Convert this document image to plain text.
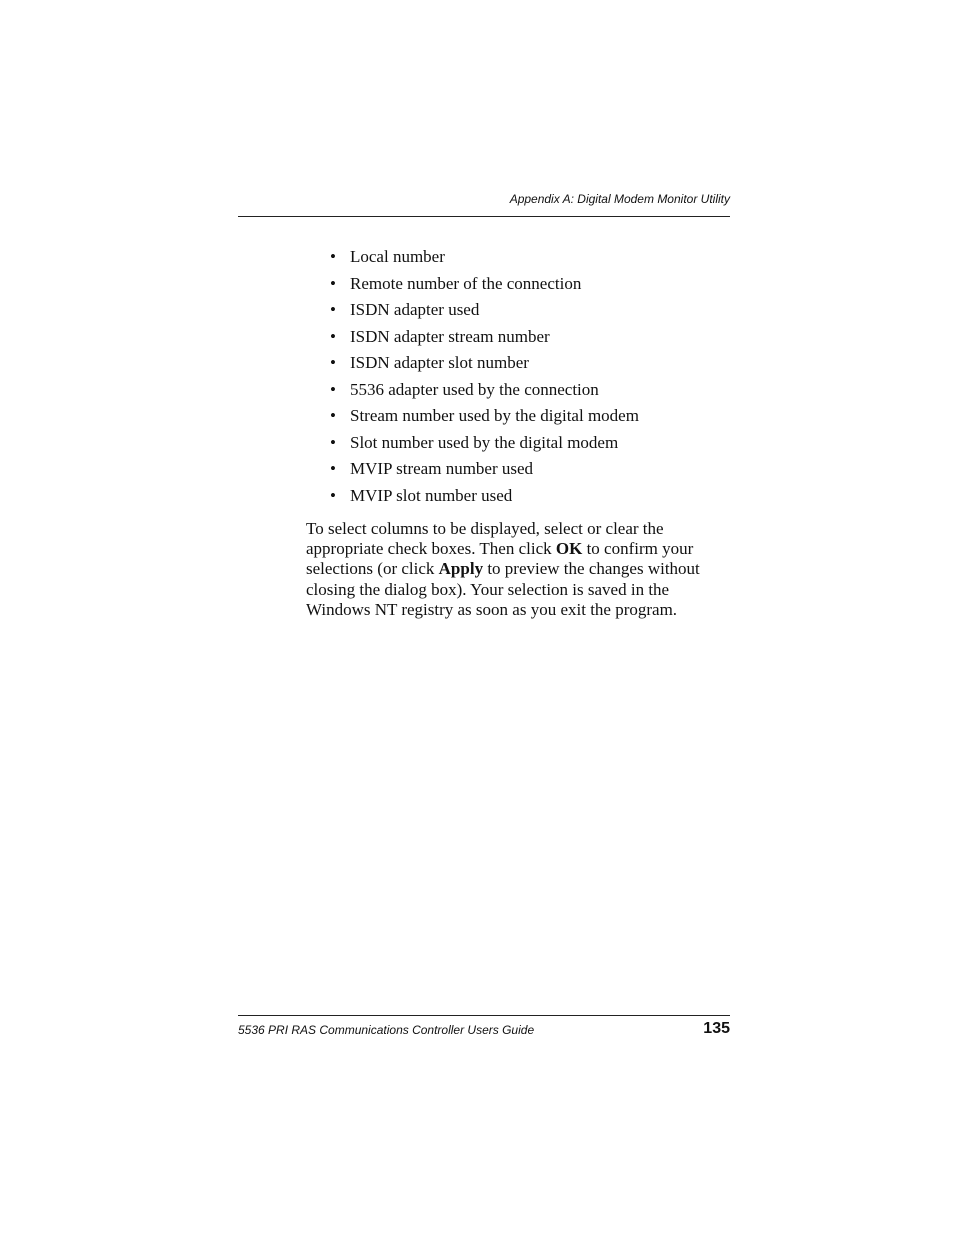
Appendix A: Digital Modem Monitor Utility
• Local number
• Remote number of the connection
• ISDN adapter used
• ISDN adapter stream number
• ISDN adapter slot number
• 5536 adapter used by the connection
• Stream number used by the digital modem
• Slot number used by the digital modem
• MVIP stream number used
• MVIP slot number used

To select columns to be displayed, select or clear the
appropriate check boxes. Then click OK to confirm your
selections (or click Apply to preview the changes without
closing the dialog box). Your selection is saved in the
Windows NT registry as soon as you exit the program.

5536 PRI RAS Communications Controller Users Guide	135
